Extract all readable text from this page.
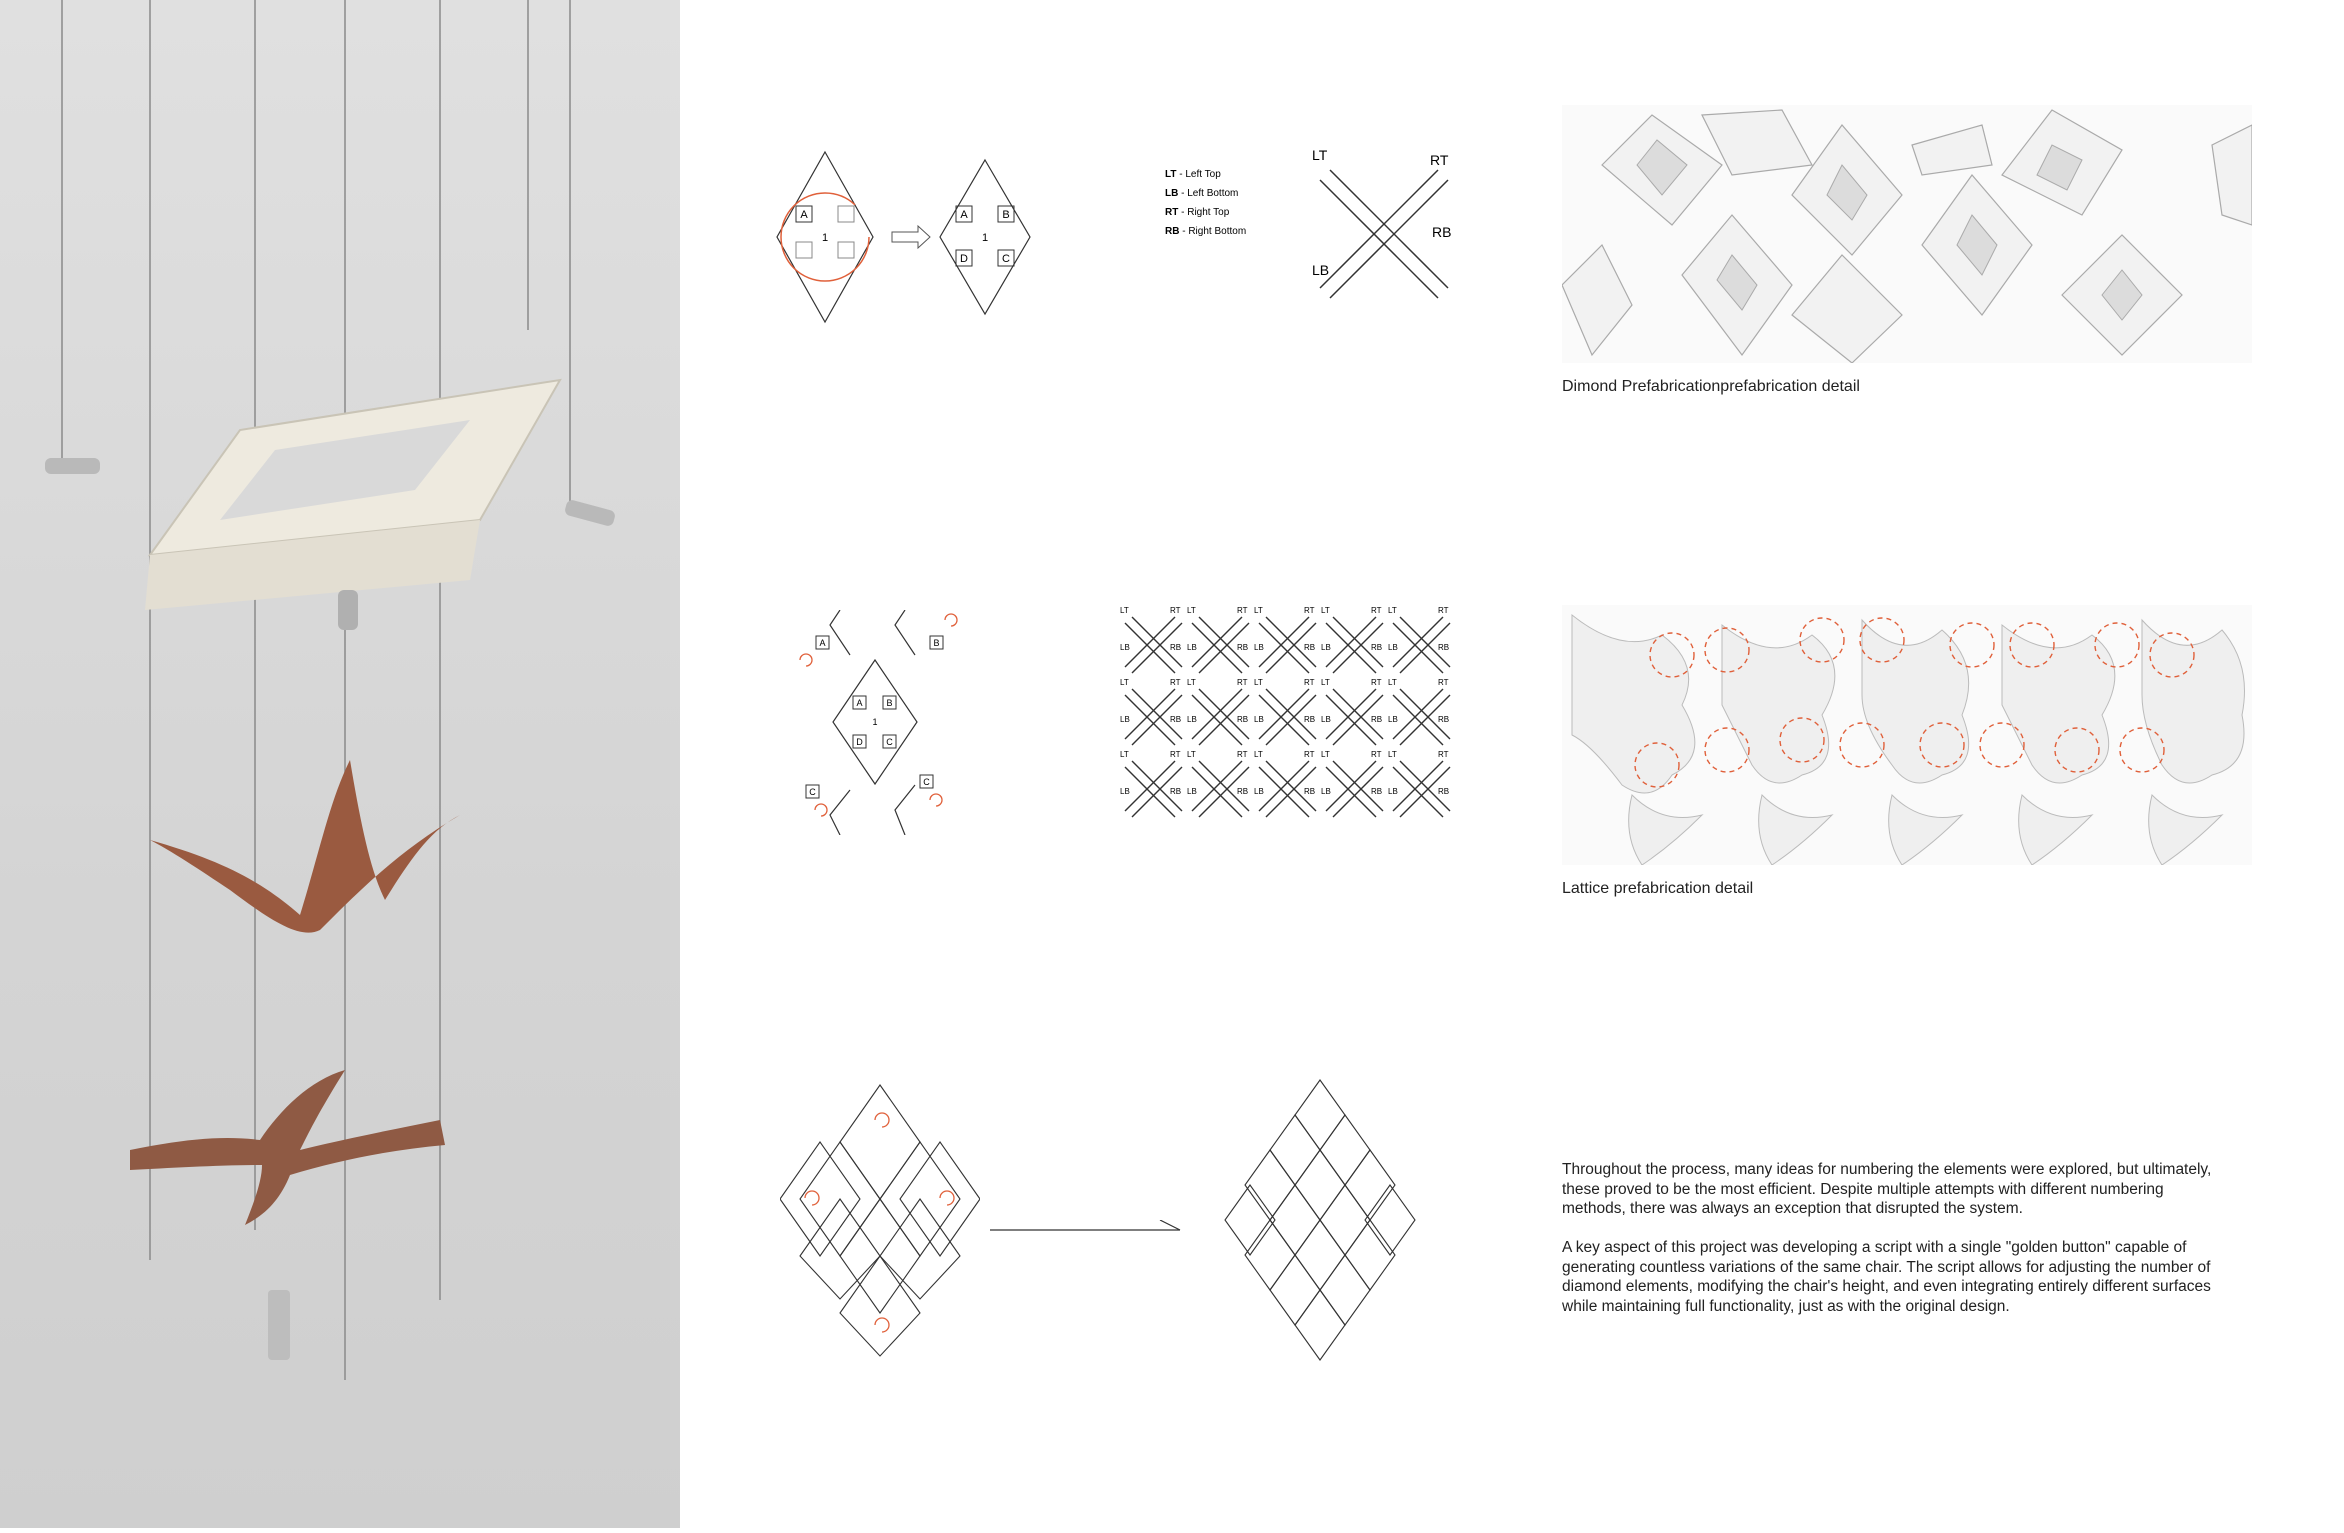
A
1
A	B
D	C
1
LT - Left Top
LB - Left Bottom
RT - Right Top
RB - Right Bottom
LT	RT
LB
RB
Dimond Prefabricationprefabrication detail
A	B
D	C
1
A	B
C
C
LT	RT
LB	RB
LT	RT
LB	RB
LT	RT
LB	RB
LT	RT
LB	RB
LT	RT
LB	RB
LT	RT
LB	RB
LT	RT
LB	RB
LT	RT
LB	RB
LT	RT
LB	RB
LT	RT
LB	RB
LT	RT
LB	RB
LT	RT
LB	RB
LT	RT
LB	RB
LT	RT
LB	RB
LT	RT
LB	RB
Lattice prefabrication detail

Throughout the process, many ideas for numbering the elements were explored, but ultimately, these proved to be the most efficient. Despite multiple attempts with different numbering methods, there was always an exception that disrupted the system.

A key aspect of this project was developing a script with a single "golden button" capable of generating countless variations of the same chair. The script allows for adjusting the number of diamond elements, modifying the chair's height, and even integrating entirely different surfaces while maintaining full functionality, just as with the original design.
